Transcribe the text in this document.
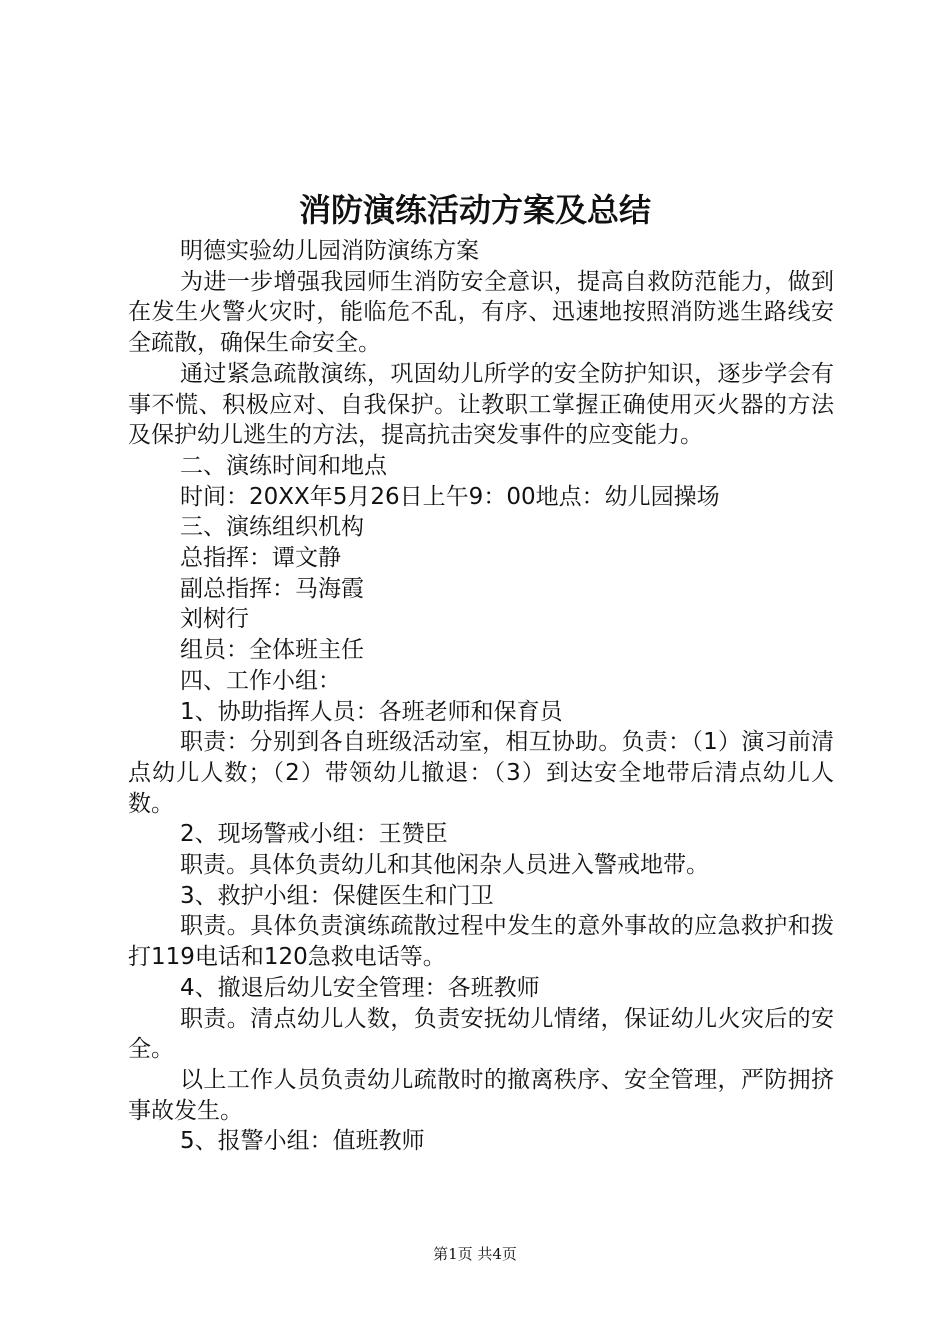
消防演练活动方案及总结

明德实验幼儿园消防演练方案

为进一步增强我园师生消防安全意识，提高自救防范能力，做到在发生火警火灾时，能临危不乱，有序、迅速地按照消防逃生路线安全疏散，确保生命安全。

通过紧急疏散演练，巩固幼儿所学的安全防护知识，逐步学会有事不慌、积极应对、自我保护。让教职工掌握正确使用灭火器的方法及保护幼儿逃生的方法，提高抗击突发事件的应变能力。

二、演练时间和地点

时间：20XX年5月26日上午9：00地点：幼儿园操场

三、演练组织机构

总指挥：谭文静

副总指挥：马海霞

刘树行

组员：全体班主任

四、工作小组：

1、协助指挥人员：各班老师和保育员

职责：分别到各自班级活动室，相互协助。负责：（1）演习前清点幼儿人数；（2）带领幼儿撤退：（3）到达安全地带后清点幼儿人数。

2、现场警戒小组：王赞臣

职责。具体负责幼儿和其他闲杂人员进入警戒地带。

3、救护小组：保健医生和门卫

职责。具体负责演练疏散过程中发生的意外事故的应急救护和拨打119电话和120急救电话等。

4、撤退后幼儿安全管理：各班教师

职责。清点幼儿人数，负责安抚幼儿情绪，保证幼儿火灾后的安全。

以上工作人员负责幼儿疏散时的撤离秩序、安全管理，严防拥挤事故发生。

5、报警小组：值班教师

第1页 共4页
